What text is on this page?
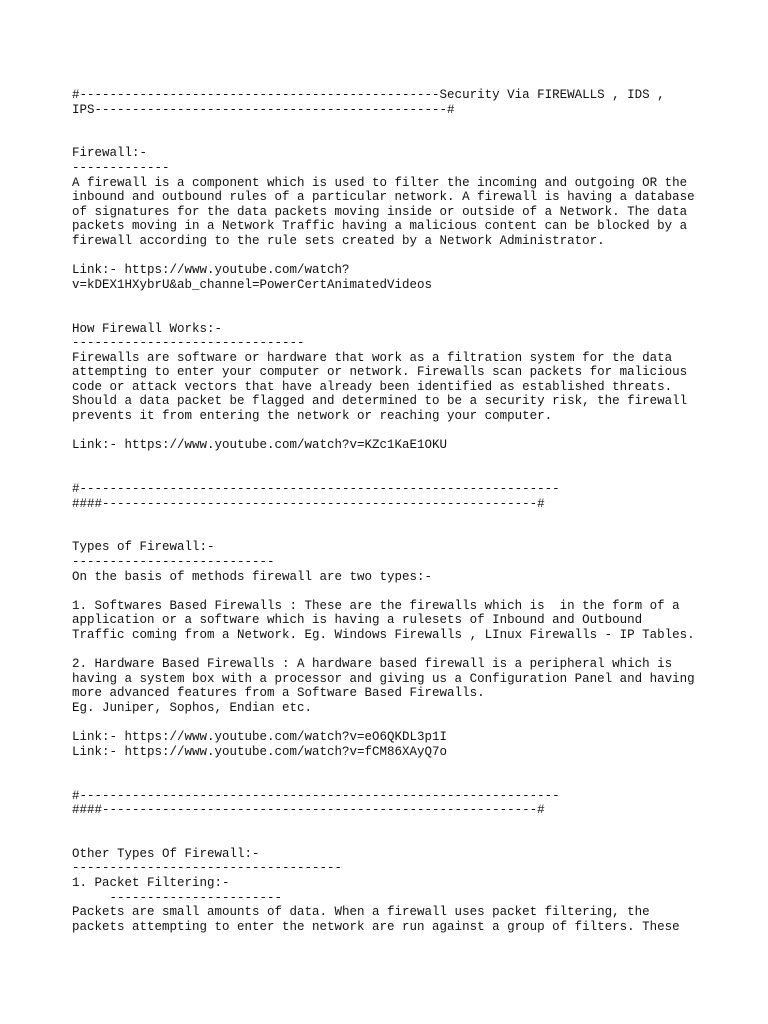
#------------------------------------------------Security Via FIREWALLS , IDS ,
IPS-----------------------------------------------#

Firewall:-
-------------
A firewall is a component which is used to filter the incoming and outgoing OR the
inbound and outbound rules of a particular network. A firewall is having a database
of signatures for the data packets moving inside or outside of a Network. The data
packets moving in a Network Traffic having a malicious content can be blocked by a
firewall according to the rule sets created by a Network Administrator.

Link:- https://www.youtube.com/watch?
v=kDEX1HXybrU&ab_channel=PowerCertAnimatedVideos

How Firewall Works:-
-------------------------------
Firewalls are software or hardware that work as a filtration system for the data
attempting to enter your computer or network. Firewalls scan packets for malicious
code or attack vectors that have already been identified as established threats.
Should a data packet be flagged and determined to be a security risk, the firewall
prevents it from entering the network or reaching your computer.

Link:- https://www.youtube.com/watch?v=KZc1KaE1OKU

#----------------------------------------------------------------
####----------------------------------------------------------#

Types of Firewall:-
---------------------------
On the basis of methods firewall are two types:-

1. Softwares Based Firewalls : These are the firewalls which is  in the form of a
application or a software which is having a rulesets of Inbound and Outbound
Traffic coming from a Network. Eg. Windows Firewalls , LInux Firewalls - IP Tables.

2. Hardware Based Firewalls : A hardware based firewall is a peripheral which is
having a system box with a processor and giving us a Configuration Panel and having
more advanced features from a Software Based Firewalls.
Eg. Juniper, Sophos, Endian etc.

Link:- https://www.youtube.com/watch?v=eO6QKDL3p1I
Link:- https://www.youtube.com/watch?v=fCM86XAyQ7o

#----------------------------------------------------------------
####----------------------------------------------------------#

Other Types Of Firewall:-
------------------------------------
1. Packet Filtering:-
-----------------------
Packets are small amounts of data. When a firewall uses packet filtering, the
packets attempting to enter the network are run against a group of filters. These
